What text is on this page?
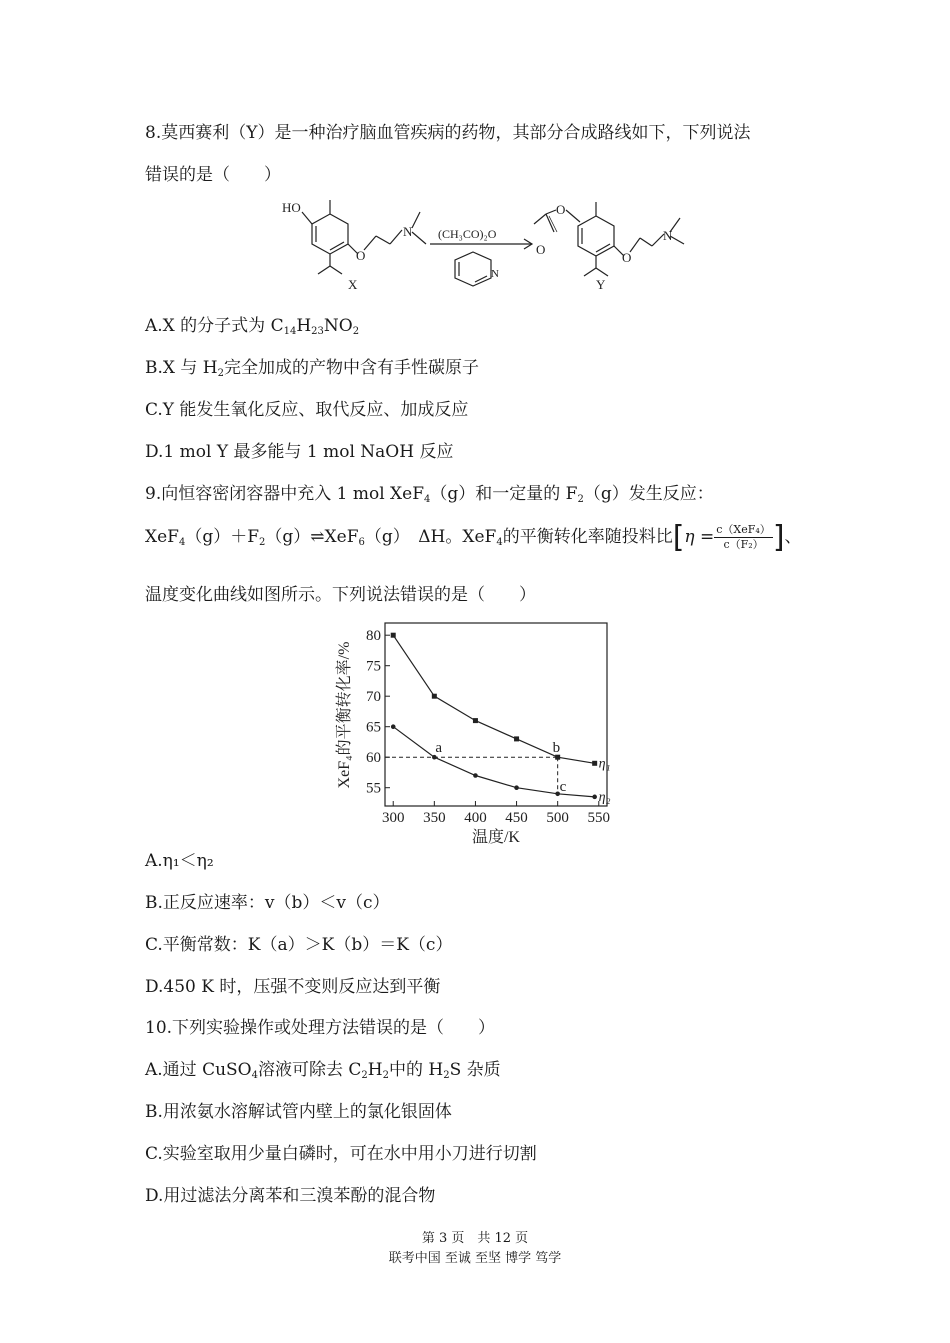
8.莫西赛利（Y）是一种治疗脑血管疾病的药物，其部分合成路线如下，下列说法
错误的是（　　）
HO
O
N
X
(CH₃CO)₂O
N
O
O
O
N
Y
A.X 的分子式为 $C_{14}H_{23}NO_2$
B.X 与 $H_2$完全加成的产物中含有手性碳原子
C.Y 能发生氧化反应、取代反应、加成反应
D.1 mol Y 最多能与 1 mol NaOH 反应
9.向恒容密闭容器中充入 1 mol XeF$_4$（g）和一定量的 $F_2(g)$发生反应：
$XeF_4(g)+F_2(g)\rightleftharpoons XeF_6(g)$　ΔH。XeF$_4$的平衡转化率随投料比[$\eta = \frac{\text{c（XeF₄）}}{\text{c（F₂）}}$ ]、
温度变化曲线如图所示。下列说法错误的是（　　）
300 350 400 450 500 550
55
60
65
70
75
80
η₁
η₂
a	b
c
温度/K
XeF₄的平衡转化率/%
A.η₁＜η₂
B.正反应速率：v（b）＜v（c）
C.平衡常数：K（a）＞K（b）＝K（c）
D.450 K 时，压强不变则反应达到平衡
10.下列实验操作或处理方法错误的是（　　）
A.通过 CuSO$_4$溶液可除去 $C_2H_2$中的 $H_2S$ 杂质
B.用浓氨水溶解试管内壁上的氯化银固体
C.实验室取用少量白磷时，可在水中用小刀进行切割
D.用过滤法分离苯和三溴苯酚的混合物
第 3 页　共 12 页
联考中国 至诚 至坚 博学 笃学
